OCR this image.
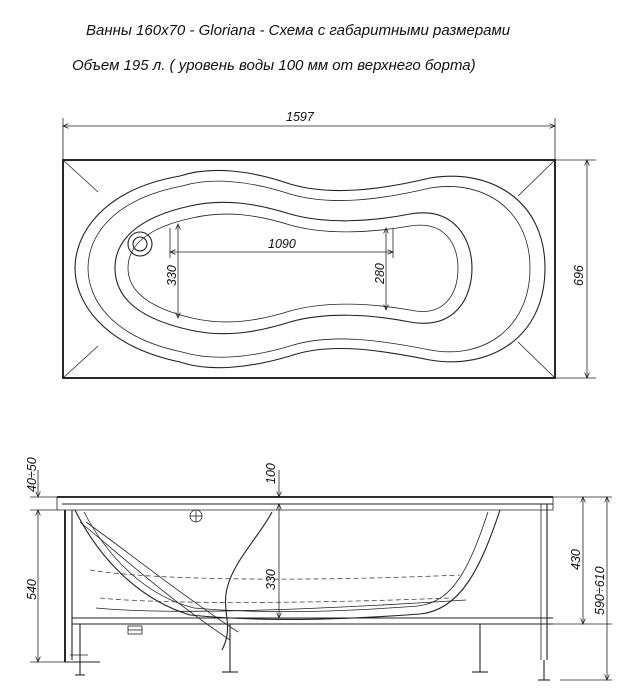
Ванны 160x70 - Gloriana - Схема с габаритными размерами
Объем 195 л. ( уровень воды 100 мм от верхнего борта)
1597
1090
330	280	696
40÷50
540
100
330
430
590÷610
